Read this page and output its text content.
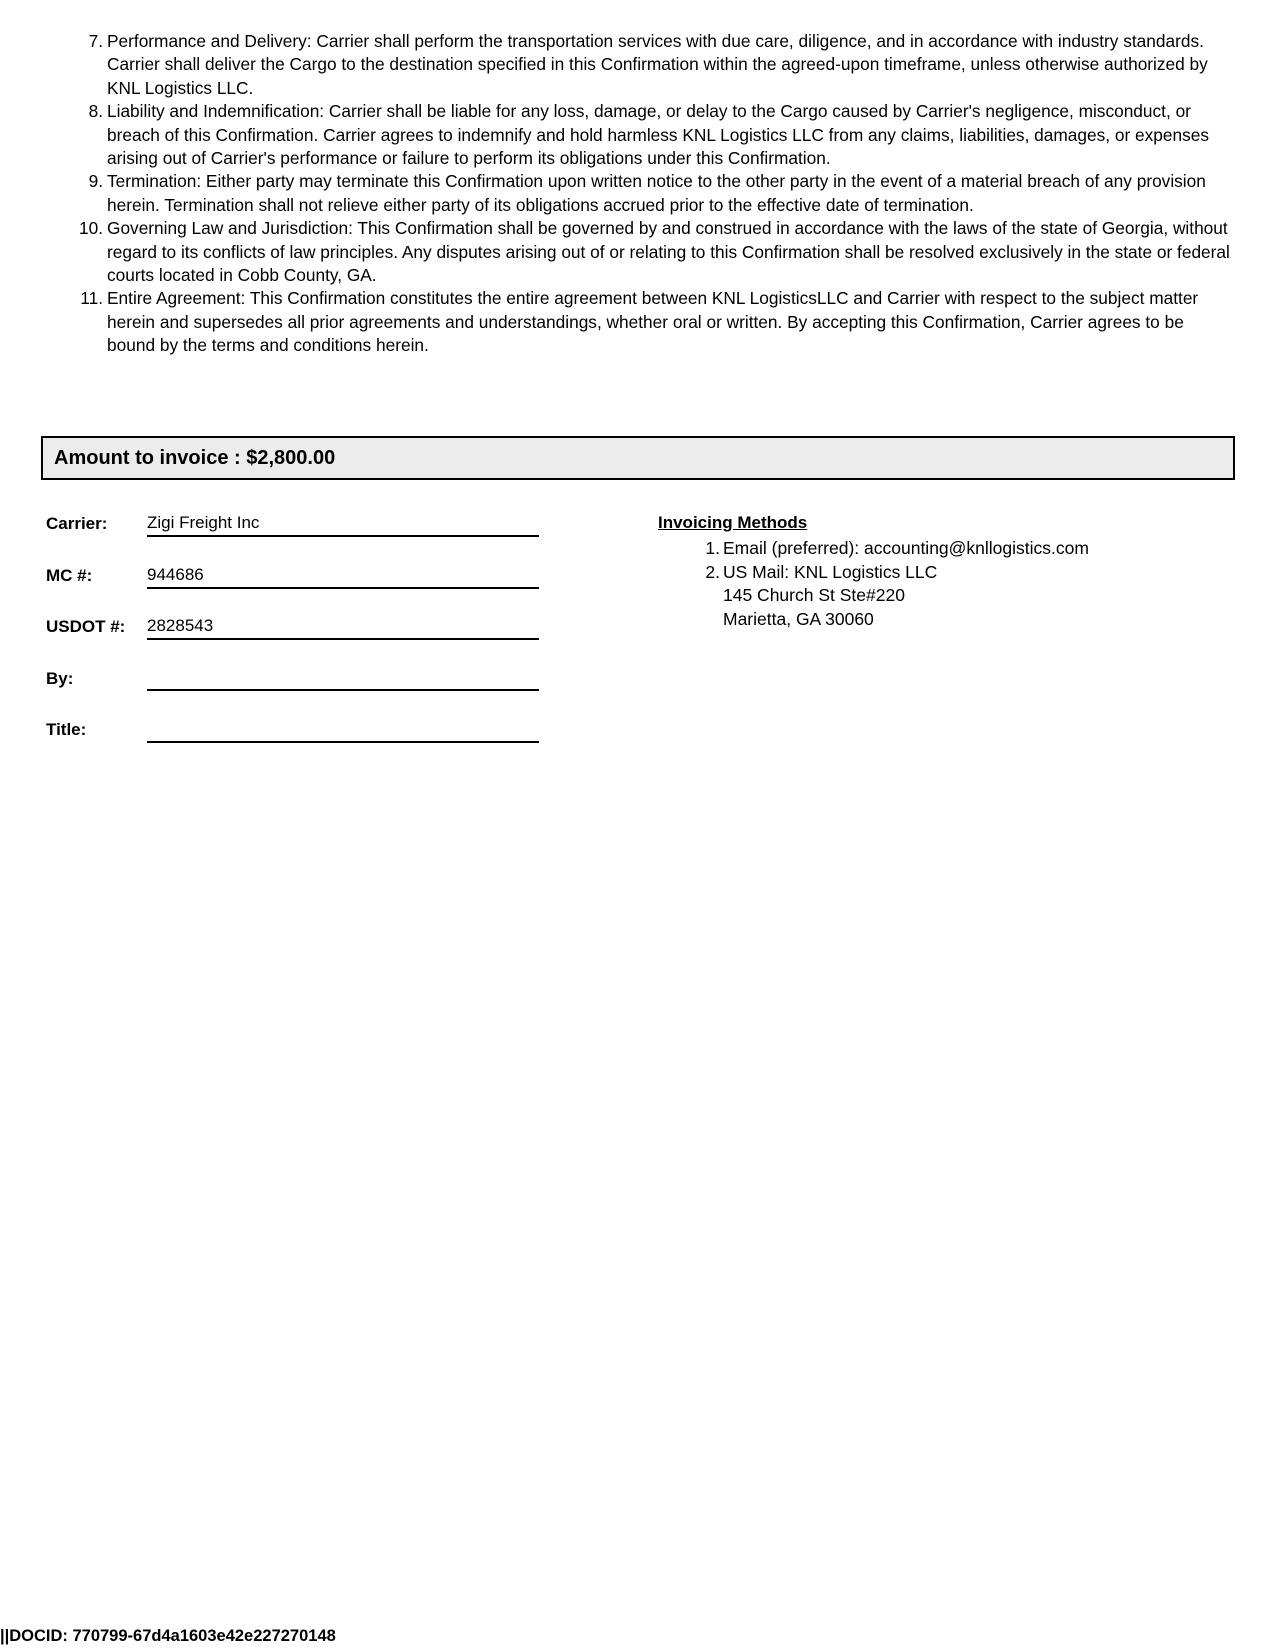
7. Performance and Delivery: Carrier shall perform the transportation services with due care, diligence, and in accordance with industry standards. Carrier shall deliver the Cargo to the destination specified in this Confirmation within the agreed-upon timeframe, unless otherwise authorized by KNL Logistics LLC.
8. Liability and Indemnification: Carrier shall be liable for any loss, damage, or delay to the Cargo caused by Carrier's negligence, misconduct, or breach of this Confirmation. Carrier agrees to indemnify and hold harmless KNL Logistics LLC from any claims, liabilities, damages, or expenses arising out of Carrier's performance or failure to perform its obligations under this Confirmation.
9. Termination: Either party may terminate this Confirmation upon written notice to the other party in the event of a material breach of any provision herein. Termination shall not relieve either party of its obligations accrued prior to the effective date of termination.
10. Governing Law and Jurisdiction: This Confirmation shall be governed by and construed in accordance with the laws of the state of Georgia, without regard to its conflicts of law principles. Any disputes arising out of or relating to this Confirmation shall be resolved exclusively in the state or federal courts located in Cobb County, GA.
11. Entire Agreement: This Confirmation constitutes the entire agreement between KNL LogisticsLLC and Carrier with respect to the subject matter herein and supersedes all prior agreements and understandings, whether oral or written. By accepting this Confirmation, Carrier agrees to be bound by the terms and conditions herein.
Amount to invoice : $2,800.00
Carrier: Zigi Freight Inc
MC #:	944686
USDOT #: 2828543
By:
Title:
Invoicing Methods
1. Email (preferred): accounting@knllogistics.com
2. US Mail: KNL Logistics LLC
145 Church St Ste#220
Marietta, GA 30060
||DOCID: 770799-67d4a1603e42e227270148
